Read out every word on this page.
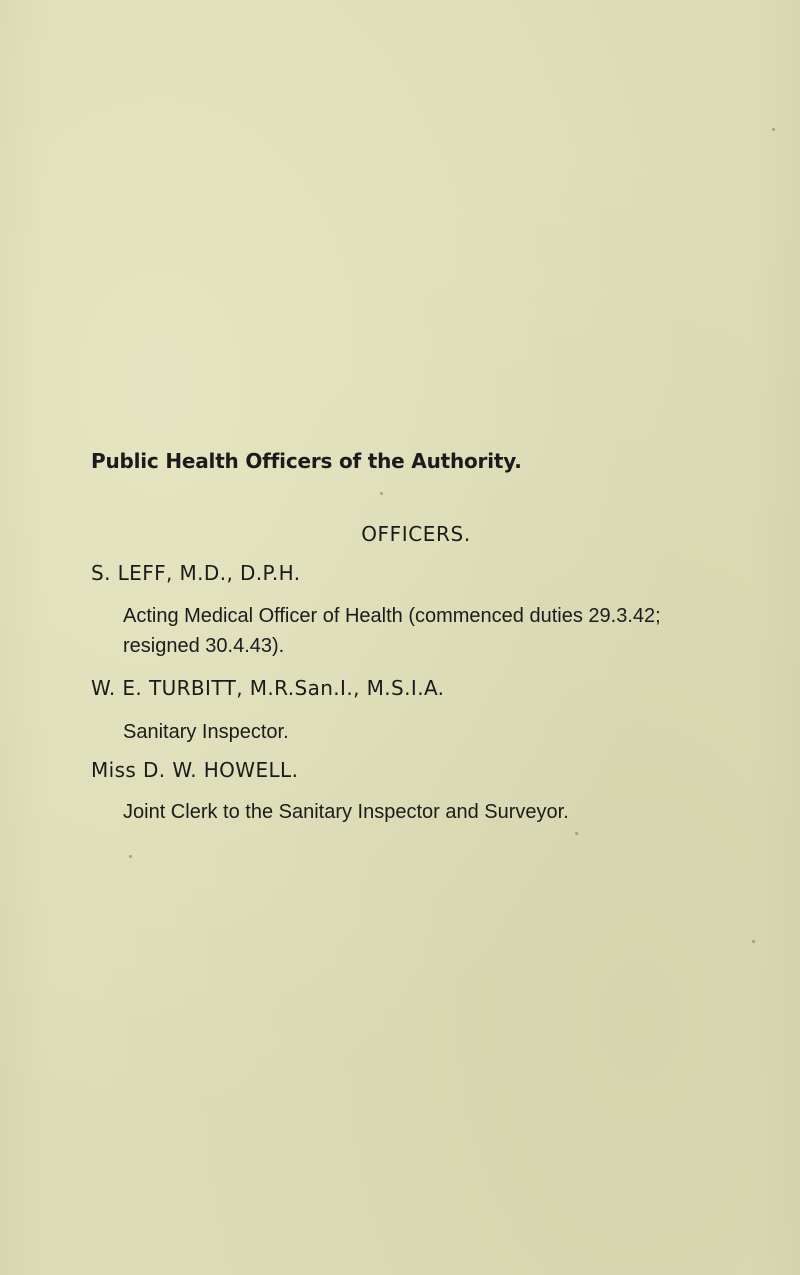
Public Health Officers of the Authority.
OFFICERS.
S. LEFF, M.D., D.P.H.
Acting Medical Officer of Health (commenced duties 29.3.42;
resigned 30.4.43).
W. E. TURBITT, M.R.San.I., M.S.I.A.
Sanitary Inspector.
Miss D. W. HOWELL.
Joint Clerk to the Sanitary Inspector and Surveyor.
